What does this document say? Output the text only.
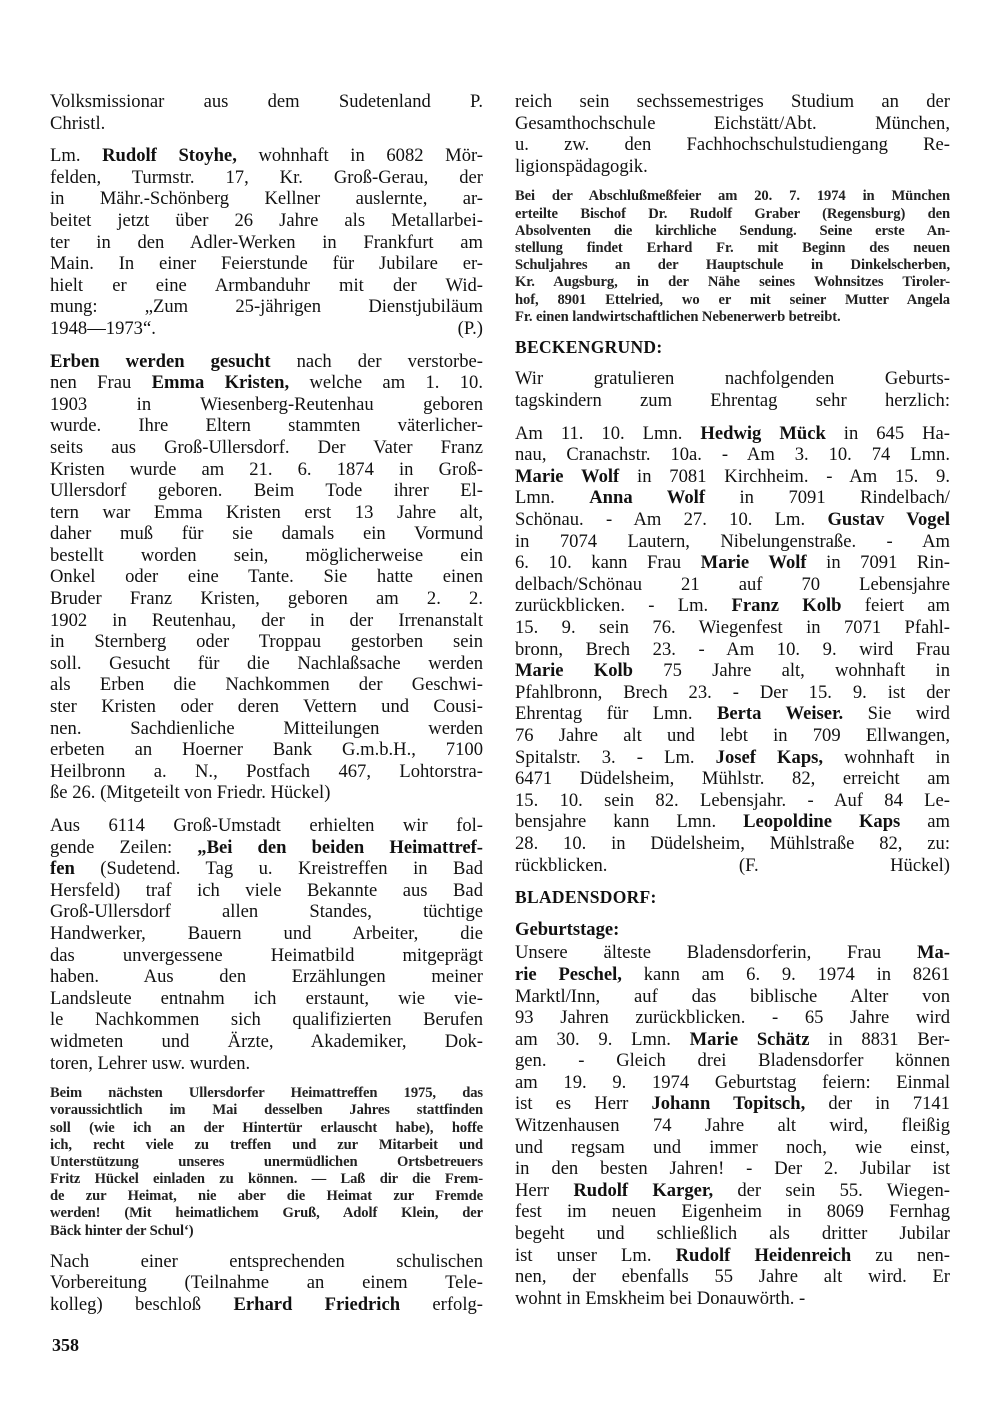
Volksmissionar aus dem Sudetenland P.
Christl.
Lm. Rudolf Stoyhe, wohnhaft in 6082 Mör-
felden, Turmstr. 17, Kr. Groß-Gerau, der
in Mähr.-Schönberg Kellner auslernte, ar-
beitet jetzt über 26 Jahre als Metallarbei-
ter in den Adler-Werken in Frankfurt am
Main. In einer Feierstunde für Jubilare er-
hielt er eine Armbanduhr mit der Wid-
mung: „Zum 25-jährigen Dienstjubiläum
1948—1973“. (P.)
Erben werden gesucht nach der verstorbe-
nen Frau Emma Kristen, welche am 1. 10.
1903 in Wiesenberg-Reutenhau geboren
wurde. Ihre Eltern stammten väterlicher-
seits aus Groß-Ullersdorf. Der Vater Franz
Kristen wurde am 21. 6. 1874 in Groß-
Ullersdorf geboren. Beim Tode ihrer El-
tern war Emma Kristen erst 13 Jahre alt,
daher muß für sie damals ein Vormund
bestellt worden sein, möglicherweise ein
Onkel oder eine Tante. Sie hatte einen
Bruder Franz Kristen, geboren am 2. 2.
1902 in Reutenhau, der in der Irrenanstalt
in Sternberg oder Troppau gestorben sein
soll. Gesucht für die Nachlaßsache werden
als Erben die Nachkommen der Geschwi-
ster Kristen oder deren Vettern und Cousi-
nen. Sachdienliche Mitteilungen werden
erbeten an Hoerner Bank G.m.b.H., 7100
Heilbronn a. N., Postfach 467, Lohtorstra-
ße 26. (Mitgeteilt von Friedr. Hückel)
Aus 6114 Groß-Umstadt erhielten wir fol-
gende Zeilen: „Bei den beiden Heimattref-
fen (Sudetend. Tag u. Kreistreffen in Bad
Hersfeld) traf ich viele Bekannte aus Bad
Groß-Ullersdorf allen Standes, tüchtige
Handwerker, Bauern und Arbeiter, die
das unvergessene Heimatbild mitgeprägt
haben. Aus den Erzählungen meiner
Landsleute entnahm ich erstaunt, wie vie-
le Nachkommen sich qualifizierten Berufen
widmeten und Ärzte, Akademiker, Dok-
toren, Lehrer usw. wurden.
Beim nächsten Ullersdorfer Heimattreffen 1975, das
voraussichtlich im Mai desselben Jahres stattfinden
soll (wie ich an der Hintertür erlauscht habe), hoffe
ich, recht viele zu treffen und zur Mitarbeit und
Unterstützung unseres unermüdlichen Ortsbetreuers
Fritz Hückel einladen zu können. — Laß dir die Frem-
de zur Heimat, nie aber die Heimat zur Fremde
werden! (Mit heimatlichem Gruß, Adolf Klein, der
Bäck hinter der Schul‘)
Nach einer entsprechenden schulischen
Vorbereitung (Teilnahme an einem Tele-
kolleg) beschloß Erhard Friedrich erfolg-
358
reich sein sechssemestriges Studium an der
Gesamthochschule Eichstätt/Abt. München,
u. zw. den Fachhochschulstudiengang Re-
ligionspädagogik.
Bei der Abschlußmeßfeier am 20. 7. 1974 in München
erteilte Bischof Dr. Rudolf Graber (Regensburg) den
Absolventen die kirchliche Sendung. Seine erste An-
stellung findet Erhard Fr. mit Beginn des neuen
Schuljahres an der Hauptschule in Dinkelscherben,
Kr. Augsburg, in der Nähe seines Wohnsitzes Tiroler-
hof, 8901 Ettelried, wo er mit seiner Mutter Angela
Fr. einen landwirtschaftlichen Nebenerwerb betreibt.
BECKENGRUND:
Wir gratulieren nachfolgenden Geburts-
tagskindern zum Ehrentag sehr herzlich:
Am 11. 10. Lmn. Hedwig Mück in 645 Ha-
nau, Cranachstr. 10a. - Am 3. 10. 74 Lmn.
Marie Wolf in 7081 Kirchheim. - Am 15. 9.
Lmn. Anna Wolf in 7091 Rindelbach/
Schönau. - Am 27. 10. Lm. Gustav Vogel
in 7074 Lautern, Nibelungenstraße. - Am
6. 10. kann Frau Marie Wolf in 7091 Rin-
delbach/Schönau 21 auf 70 Lebensjahre
zurückblicken. - Lm. Franz Kolb feiert am
15. 9. sein 76. Wiegenfest in 7071 Pfahl-
bronn, Brech 23. - Am 10. 9. wird Frau
Marie Kolb 75 Jahre alt, wohnhaft in
Pfahlbronn, Brech 23. - Der 15. 9. ist der
Ehrentag für Lmn. Berta Weiser. Sie wird
76 Jahre alt und lebt in 709 Ellwangen,
Spitalstr. 3. - Lm. Josef Kaps, wohnhaft in
6471 Düdelsheim, Mühlstr. 82, erreicht am
15. 10. sein 82. Lebensjahr. - Auf 84 Le-
bensjahre kann Lmn. Leopoldine Kaps am
28. 10. in Düdelsheim, Mühlstraße 82, zu:
rückblicken. (F. Hückel)
BLADENSDORF:
Geburtstage:
Unsere älteste Bladensdorferin, Frau Ma-
rie Peschel, kann am 6. 9. 1974 in 8261
Marktl/Inn, auf das biblische Alter von
93 Jahren zurückblicken. - 65 Jahre wird
am 30. 9. Lmn. Marie Schätz in 8831 Ber-
gen. - Gleich drei Bladensdorfer können
am 19. 9. 1974 Geburtstag feiern: Einmal
ist es Herr Johann Topitsch, der in 7141
Witzenhausen 74 Jahre alt wird, fleißig
und regsam und immer noch, wie einst,
in den besten Jahren! - Der 2. Jubilar ist
Herr Rudolf Karger, der sein 55. Wiegen-
fest im neuen Eigenheim in 8069 Fernhag
begeht und schließlich als dritter Jubilar
ist unser Lm. Rudolf Heidenreich zu nen-
nen, der ebenfalls 55 Jahre alt wird. Er
wohnt in Emskheim bei Donauwörth. -
